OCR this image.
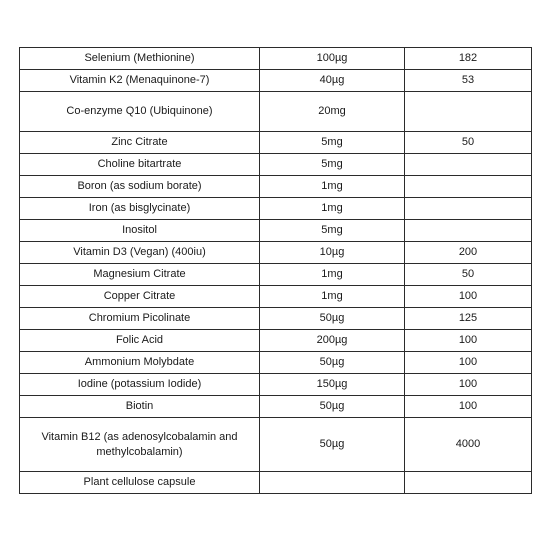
Selenium (Methionine)	100µg	182
Vitamin K2 (Menaquinone-7)	40µg	53
Co-enzyme Q10 (Ubiquinone)	20mg	
Zinc Citrate	5mg	50
Choline bitartrate	5mg	
Boron (as sodium borate)	1mg	
Iron (as bisglycinate)	1mg	
Inositol	5mg	
Vitamin D3 (Vegan) (400iu)	10µg	200
Magnesium Citrate	1mg	50
Copper Citrate	1mg	100
Chromium Picolinate	50µg	125
Folic Acid	200µg	100
Ammonium Molybdate	50µg	100
Iodine (potassium Iodide)	150µg	100
Biotin	50µg	100
Vitamin B12 (as adenosylcobalamin and methylcobalamin)	50µg	4000
Plant cellulose capsule		
